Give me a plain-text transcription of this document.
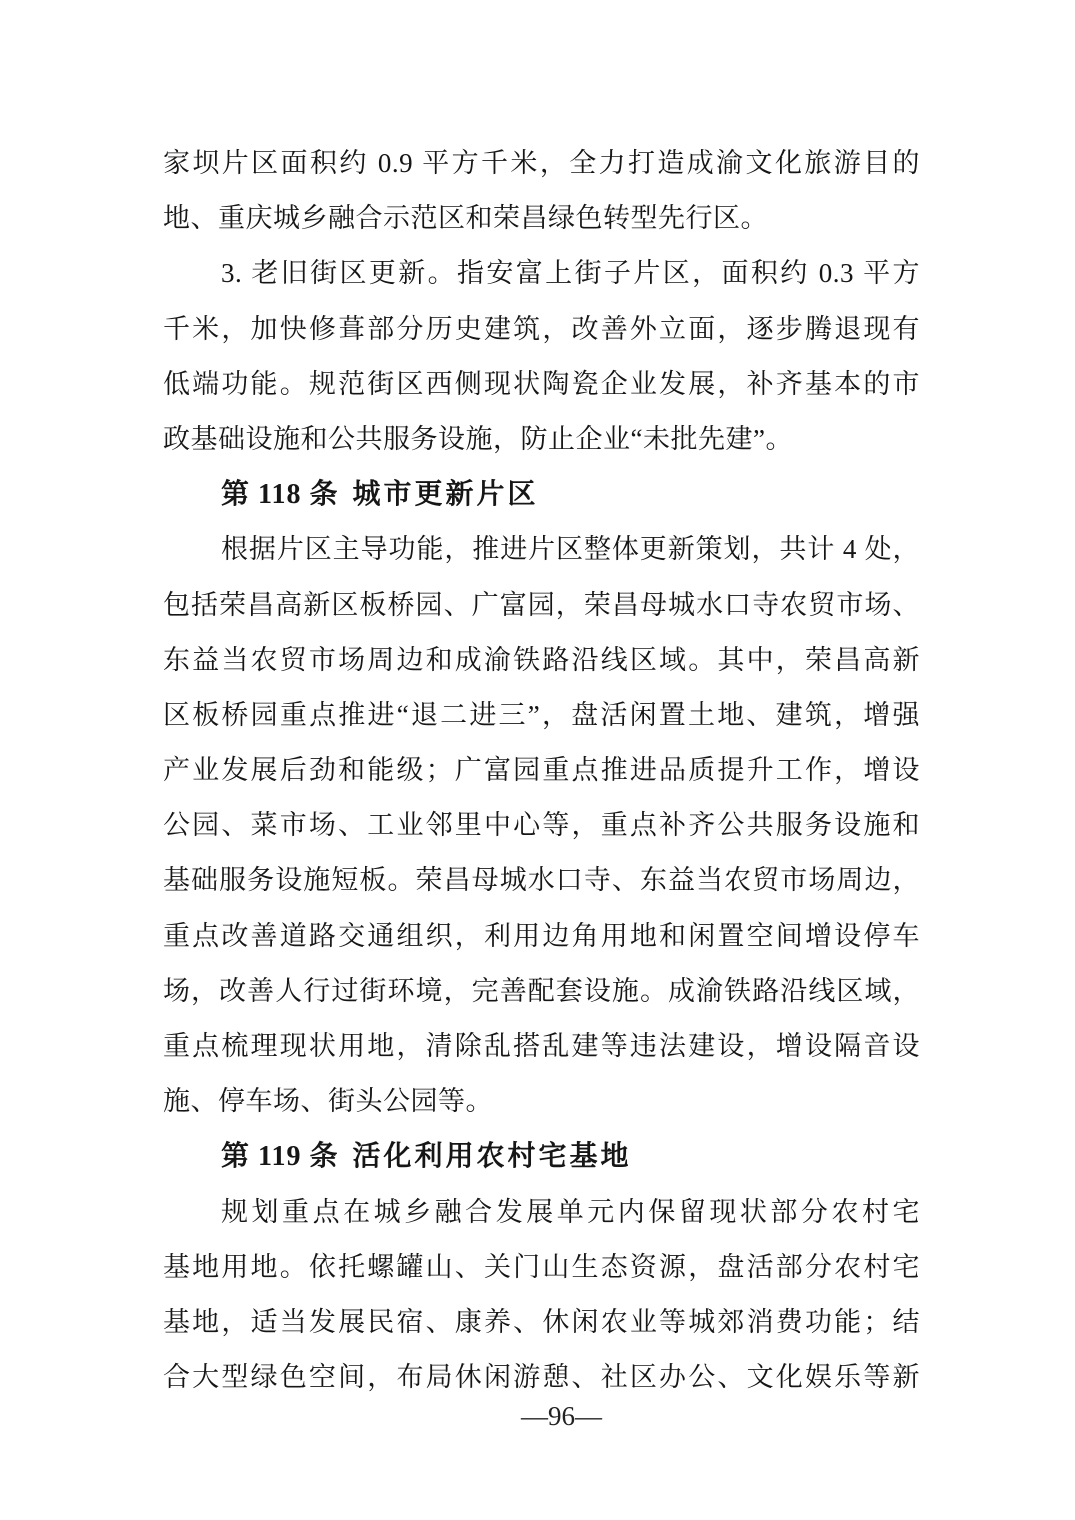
家坝片区面积约 0.9 平方千米，全力打造成渝文化旅游目的
地、重庆城乡融合示范区和荣昌绿色转型先行区。
3. 老旧街区更新。指安富上街子片区，面积约 0.3 平方
千米，加快修葺部分历史建筑，改善外立面，逐步腾退现有
低端功能。规范街区西侧现状陶瓷企业发展，补齐基本的市
政基础设施和公共服务设施，防止企业“未批先建”。
第 118 条 城市更新片区
根据片区主导功能，推进片区整体更新策划，共计 4 处，
包括荣昌高新区板桥园、广富园，荣昌母城水口寺农贸市场、
东益当农贸市场周边和成渝铁路沿线区域。其中，荣昌高新
区板桥园重点推进“退二进三”，盘活闲置土地、建筑，增强
产业发展后劲和能级；广富园重点推进品质提升工作，增设
公园、菜市场、工业邻里中心等，重点补齐公共服务设施和
基础服务设施短板。荣昌母城水口寺、东益当农贸市场周边，
重点改善道路交通组织，利用边角用地和闲置空间增设停车
场，改善人行过街环境，完善配套设施。成渝铁路沿线区域，
重点梳理现状用地，清除乱搭乱建等违法建设，增设隔音设
施、停车场、街头公园等。
第 119 条 活化利用农村宅基地
规划重点在城乡融合发展单元内保留现状部分农村宅
基地用地。依托螺罐山、关门山生态资源，盘活部分农村宅
基地，适当发展民宿、康养、休闲农业等城郊消费功能；结
合大型绿色空间，布局休闲游憩、社区办公、文化娱乐等新
—96—
